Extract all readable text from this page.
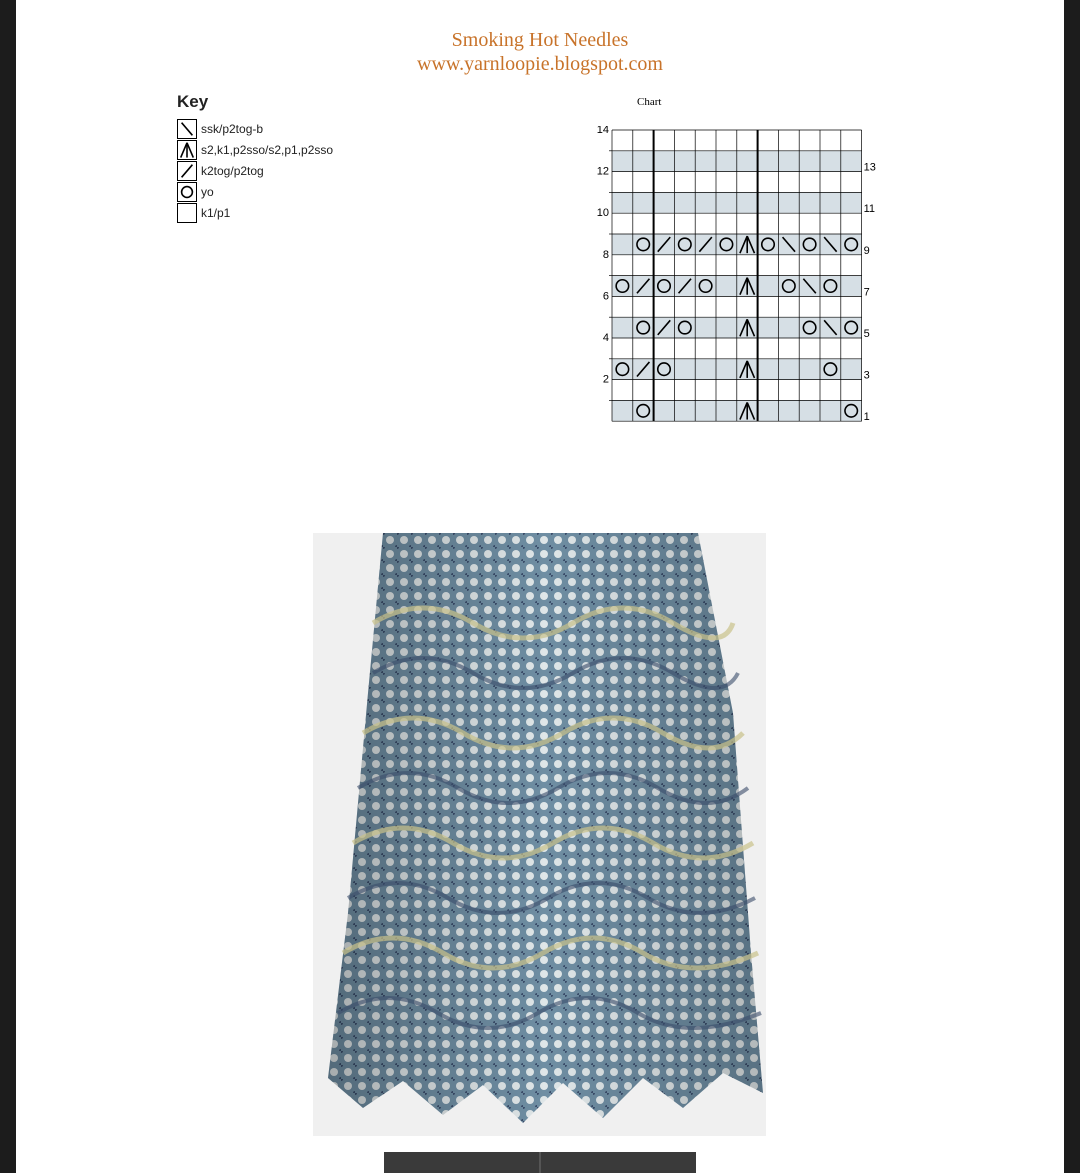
Smoking Hot Needles
www.yarnloopie.blogspot.com
Key
ssk/p2tog-b
s2,k1,p2sso/s2,p1,p2sso
k2tog/p2tog
yo
k1/p1
Chart
2
4
6
8
10
12
14
1
3
5
7
9
11
13
